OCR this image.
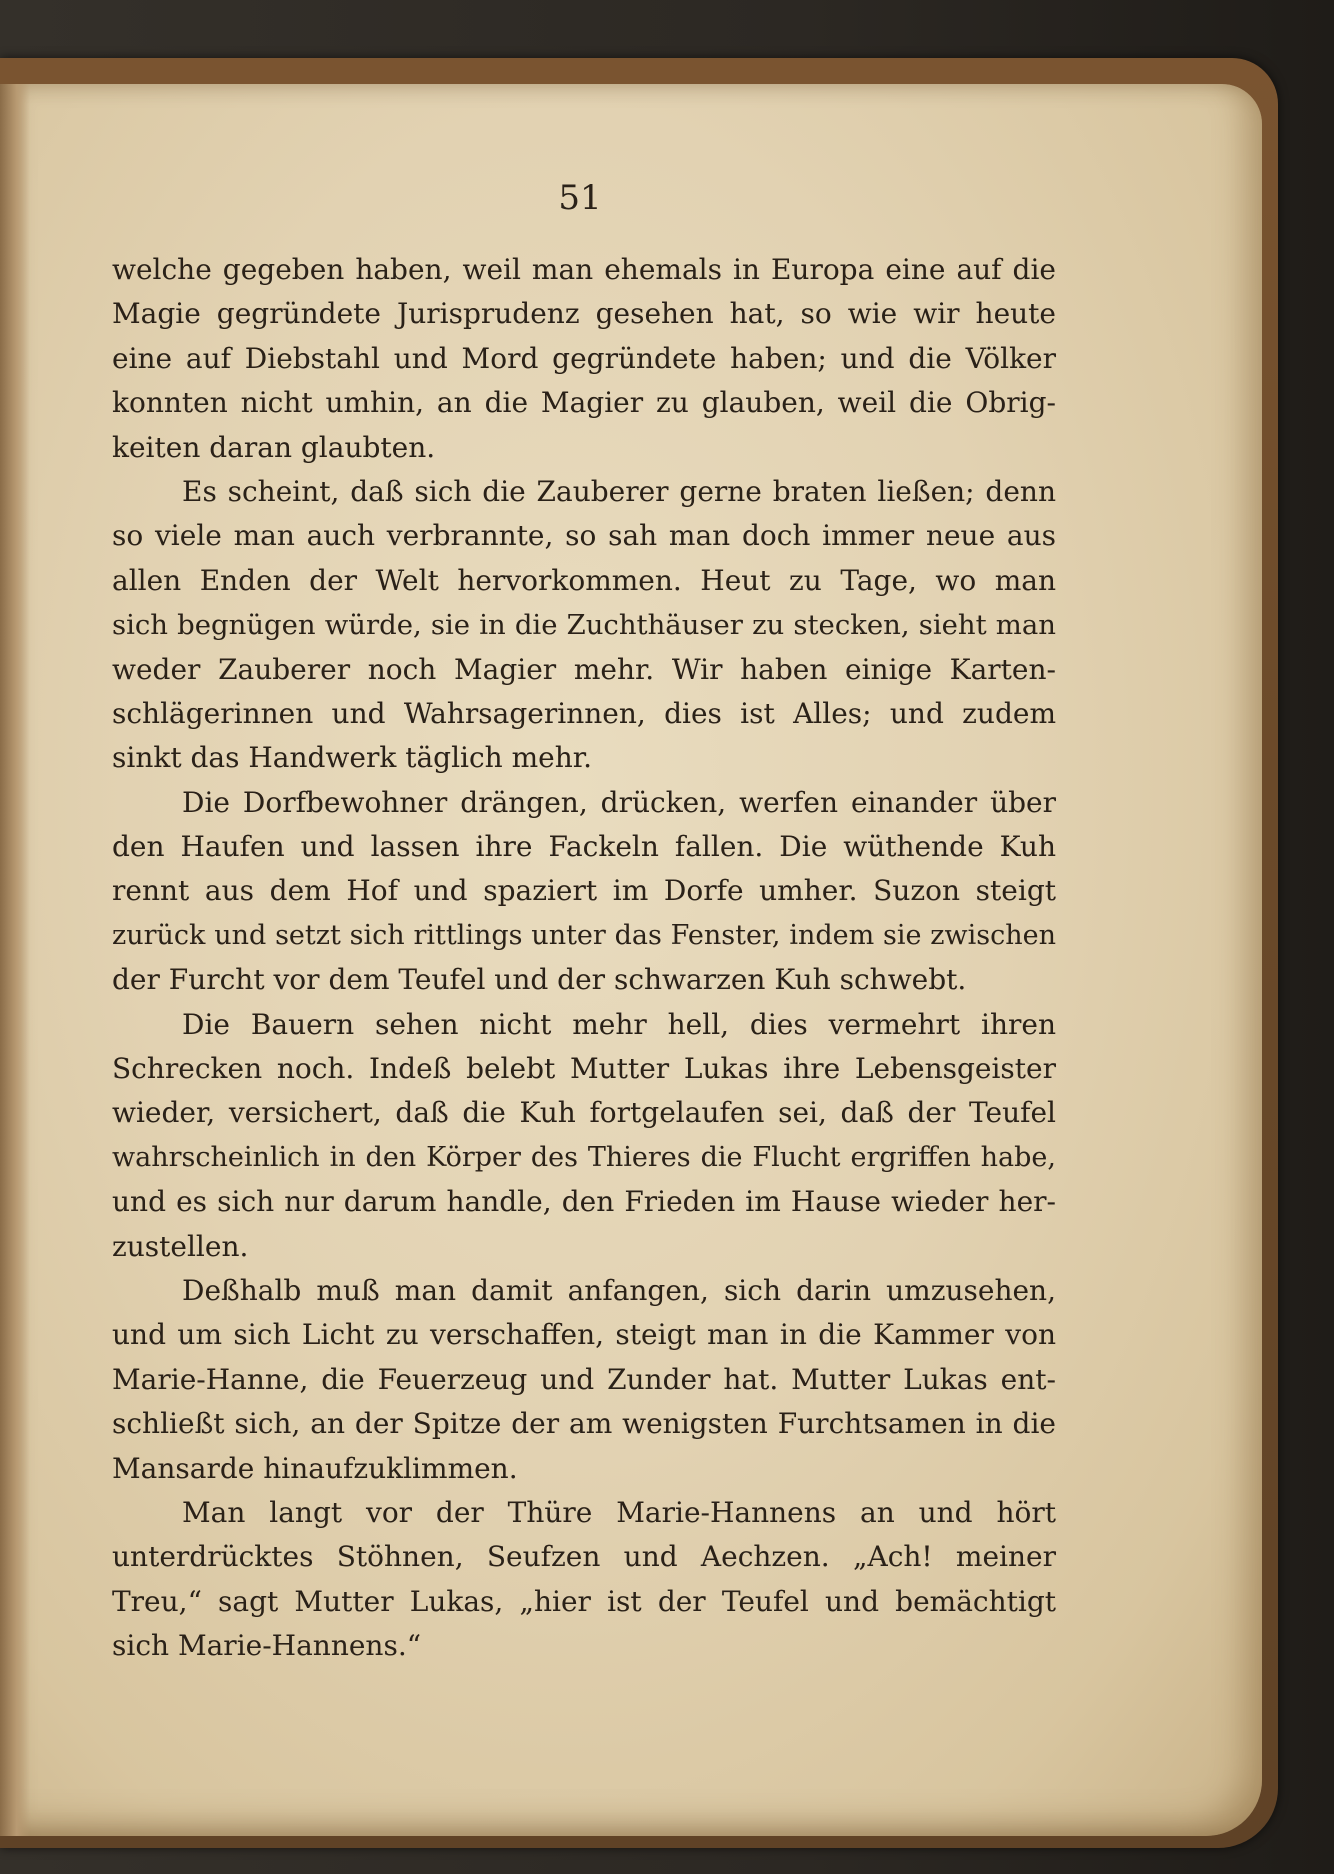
51
welche gegeben haben, weil man ehemals in Europa eine auf die
Magie gegründete Jurisprudenz gesehen hat, so wie wir heute
eine auf Diebstahl und Mord gegründete haben; und die Völker
konnten nicht umhin, an die Magier zu glauben, weil die Obrig-
keiten daran glaubten.
Es scheint, daß sich die Zauberer gerne braten ließen; denn
so viele man auch verbrannte, so sah man doch immer neue aus
allen Enden der Welt hervorkommen. Heut zu Tage, wo man
sich begnügen würde, sie in die Zuchthäuser zu stecken, sieht man
weder Zauberer noch Magier mehr. Wir haben einige Karten-
schlägerinnen und Wahrsagerinnen, dies ist Alles; und zudem
sinkt das Handwerk täglich mehr.
Die Dorfbewohner drängen, drücken, werfen einander über
den Haufen und lassen ihre Fackeln fallen. Die wüthende Kuh
rennt aus dem Hof und spaziert im Dorfe umher. Suzon steigt
zurück und setzt sich rittlings unter das Fenster, indem sie zwischen
der Furcht vor dem Teufel und der schwarzen Kuh schwebt.
Die Bauern sehen nicht mehr hell, dies vermehrt ihren
Schrecken noch. Indeß belebt Mutter Lukas ihre Lebensgeister
wieder, versichert, daß die Kuh fortgelaufen sei, daß der Teufel
wahrscheinlich in den Körper des Thieres die Flucht ergriffen habe,
und es sich nur darum handle, den Frieden im Hause wieder her-
zustellen.
Deßhalb muß man damit anfangen, sich darin umzusehen,
und um sich Licht zu verschaffen, steigt man in die Kammer von
Marie-Hanne, die Feuerzeug und Zunder hat. Mutter Lukas ent-
schließt sich, an der Spitze der am wenigsten Furchtsamen in die
Mansarde hinaufzuklimmen.
Man langt vor der Thüre Marie-Hannens an und hört
unterdrücktes Stöhnen, Seufzen und Aechzen. „Ach! meiner
Treu,“ sagt Mutter Lukas, „hier ist der Teufel und bemächtigt
sich Marie-Hannens.“
